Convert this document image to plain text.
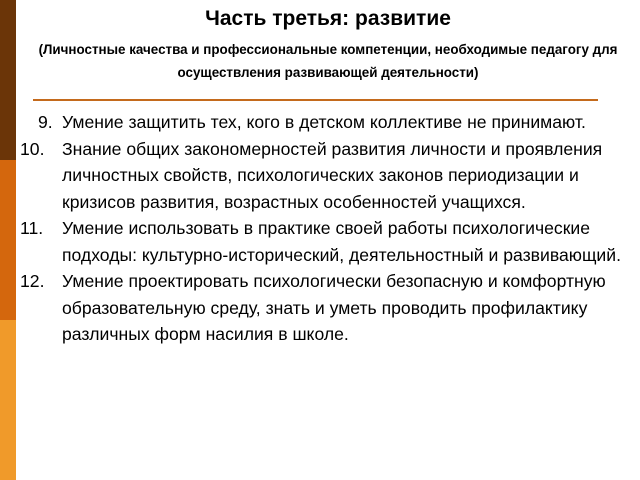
Часть третья: развитие

(Личностные качества и профессиональные компетенции, необходимые педагогу для осуществления развивающей деятельности)

9. Умение защитить тех, кого в детском коллективе не принимают.
10. Знание общих закономерностей развития личности и проявления личностных свойств, психологических законов периодизации и кризисов развития, возрастных особенностей учащихся.
11. Умение использовать в практике своей работы психологические подходы: культурно-исторический, деятельностный и развивающий.
12. Умение проектировать психологически безопасную и комфортную образовательную среду, знать и уметь проводить профилактику различных форм насилия в школе.
